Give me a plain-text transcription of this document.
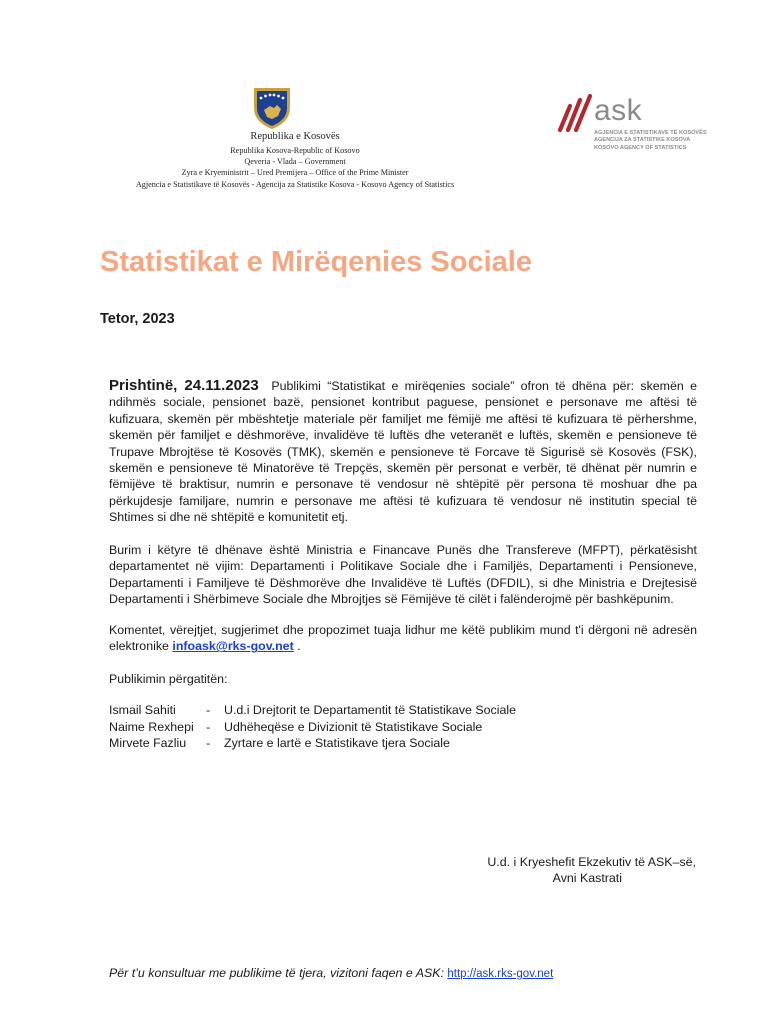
Republika e Kosovës
Republika Kosova-Republic of Kosovo
Qeveria - Vlada – Government
Zyra e Kryeministrit – Ured Premijera – Office of the Prime Minister
Agjencia e Statistikave të Kosovës - Agencija za Statistike Kosova - Kosovo Agency of Statistics
ask
AGJENCIA E STATISTIKAVE TË KOSOVËS
AGENCIJA ZA STATISTIKE KOSOVA
KOSOVO AGENCY OF STATISTICS
Statistikat e Mirëqenies Sociale
Tetor, 2023
Prishtinë, 24.11.2023 Publikimi “Statistikat e mirëqenies sociale” ofron të dhëna për: skemën e ndihmës sociale, pensionet bazë, pensionet kontribut paguese, pensionet e personave me aftësi të kufizuara, skemën për mbështetje materiale për familjet me fëmijë me aftësi të kufizuara të përhershme, skemën për familjet e dëshmorëve, invalidëve të luftës dhe veteranët e luftës, skemën e pensioneve të Trupave Mbrojtëse të Kosovës (TMK), skemën e pensioneve të Forcave të Sigurisë së Kosovës (FSK), skemën e pensioneve të Minatorëve të Trepçës, skemën për personat e verbër, të dhënat për numrin e fëmijëve të braktisur, numrin e personave të vendosur në shtëpitë për persona të moshuar dhe pa përkujdesje familjare, numrin e personave me aftësi të kufizuara të vendosur në institutin special të Shtimes si dhe në shtëpitë e komunitetit etj.
Burim i këtyre të dhënave është Ministria e Financave Punës dhe Transfereve (MFPT), përkatësisht departamentet në vijim: Departamenti i Politikave Sociale dhe i Familjës, Departamenti i Pensioneve, Departamenti i Familjeve të Dëshmorëve dhe Invalidëve të Luftës (DFDIL), si dhe Ministria e Drejtesisë Departamenti i Shërbimeve Sociale dhe Mbrojtjes së Fëmijëve të cilët i falënderojmë për bashkëpunim.
Komentet, vërejtjet, sugjerimet dhe propozimet tuaja lidhur me këtë publikim mund t'i dërgoni në adresën elektronike infoask@rks-gov.net .
Publikimin përgatitën:
Ismail Sahiti	-	U.d.i Drejtorit te Departamentit të Statistikave Sociale
Naime Rexhepi -	Udhëheqëse e Divizionit të Statistikave Sociale
Mirvete Fazliu	-	Zyrtare e lartë e Statistikave tjera Sociale
U.d. i Kryeshefit Ekzekutiv të ASK–së,
Avni Kastrati
Për t’u konsultuar me publikime të tjera, vizitoni faqen e ASK: http://ask.rks-gov.net
